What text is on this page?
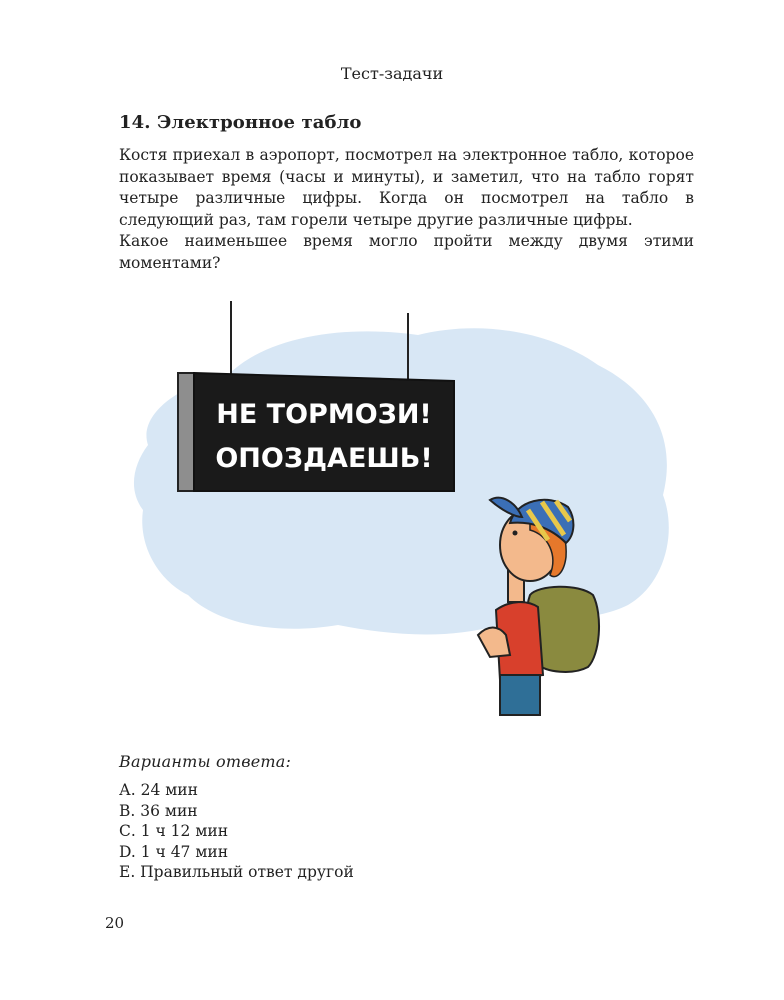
Тест-задачи
14. Электронное табло

Костя приехал в аэропорт, посмотрел на электронное табло, которое показывает время (часы и минуты), и заметил, что на табло горят четыре различные цифры. Когда он посмотрел на табло в следующий раз, там горели четыре другие различные цифры.

Какое наименьшее время могло пройти между двумя этими моментами?

НЕ ТОРМОЗИ!
ОПОЗДАЕШЬ!
Варианты ответа:
А. 24 мин
В. 36 мин
С. 1 ч 12 мин
D. 1 ч 47 мин
Е. Правильный ответ другой
20
